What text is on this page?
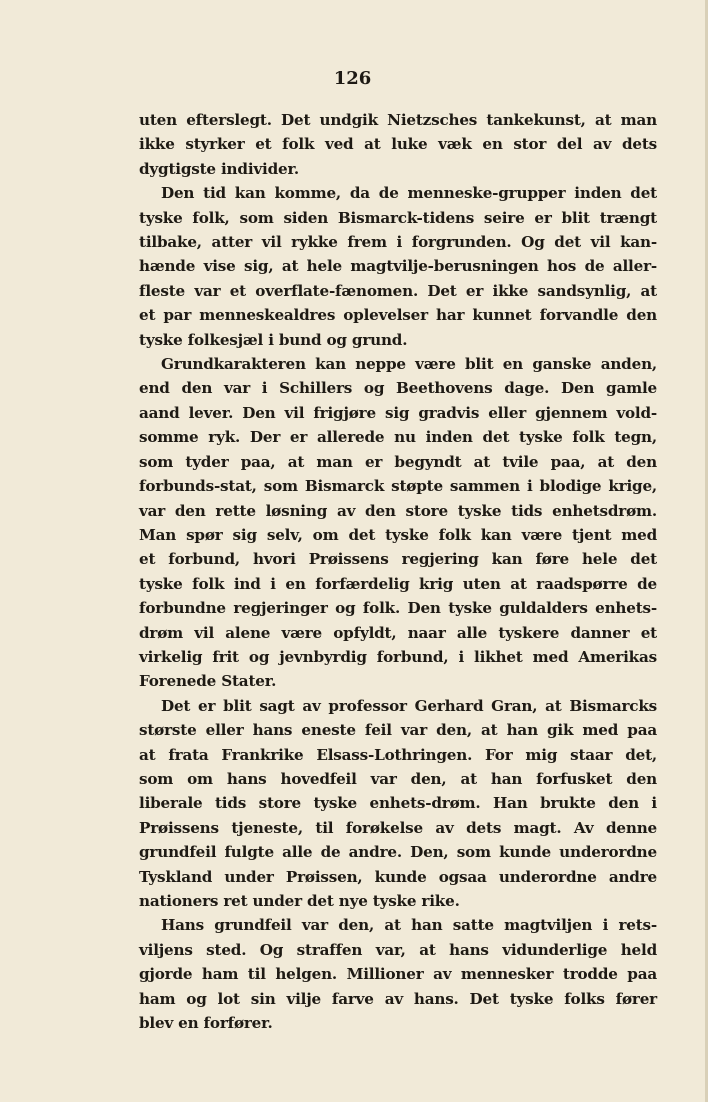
126
uten efterslegt. Det undgik Nietzsches tankekunst, at man
ikke styrker et folk ved at luke væk en stor del av dets
dygtigste individer.
Den tid kan komme, da de menneske-grupper inden det
tyske folk, som siden Bismarck-tidens seire er blit trængt
tilbake, atter vil rykke frem i forgrunden. Og det vil kan-
hænde vise sig, at hele magtvilje-berusningen hos de aller-
fleste var et overflate-fænomen. Det er ikke sandsynlig, at
et par menneskealdres oplevelser har kunnet forvandle den
tyske folkesjæl i bund og grund.
Grundkarakteren kan neppe være blit en ganske anden,
end den var i Schillers og Beethovens dage. Den gamle
aand lever. Den vil frigjøre sig gradvis eller gjennem vold-
somme ryk. Der er allerede nu inden det tyske folk tegn,
som tyder paa, at man er begyndt at tvile paa, at den
forbunds-stat, som Bismarck støpte sammen i blodige krige,
var den rette løsning av den store tyske tids enhetsdrøm.
Man spør sig selv, om det tyske folk kan være tjent med
et forbund, hvori Prøissens regjering kan føre hele det
tyske folk ind i en forfærdelig krig uten at raadspørre de
forbundne regjeringer og folk. Den tyske guldalders enhets-
drøm vil alene være opfyldt, naar alle tyskere danner et
virkelig frit og jevnbyrdig forbund, i likhet med Amerikas
Forenede Stater.
Det er blit sagt av professor Gerhard Gran, at Bismarcks
største eller hans eneste feil var den, at han gik med paa
at frata Frankrike Elsass-Lothringen. For mig staar det,
som om hans hovedfeil var den, at han forfusket den
liberale tids store tyske enhets-drøm. Han brukte den i
Prøissens tjeneste, til forøkelse av dets magt. Av denne
grundfeil fulgte alle de andre. Den, som kunde underordne
Tyskland under Prøissen, kunde ogsaa underordne andre
nationers ret under det nye tyske rike.
Hans grundfeil var den, at han satte magtviljen i rets-
viljens sted. Og straffen var, at hans vidunderlige held
gjorde ham til helgen. Millioner av mennesker trodde paa
ham og lot sin vilje farve av hans. Det tyske folks fører
blev en forfører.
